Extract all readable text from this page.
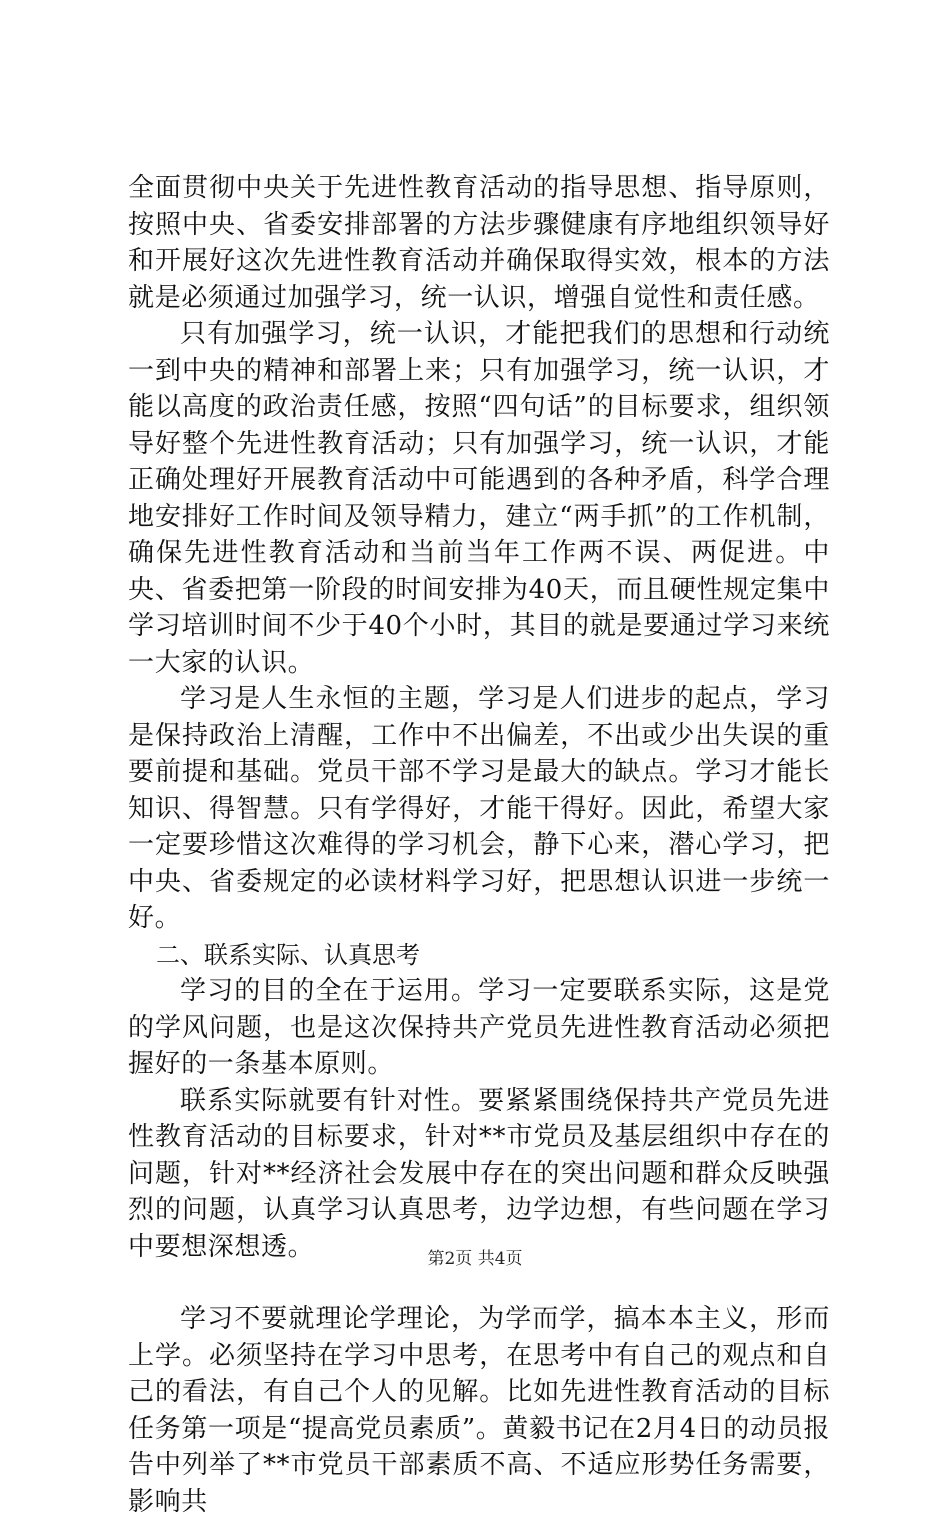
全面贯彻中央关于先进性教育活动的指导思想、指导原则，按照中央、省委安排部署的方法步骤健康有序地组织领导好和开展好这次先进性教育活动并确保取得实效，根本的方法就是必须通过加强学习，统一认识，增强自觉性和责任感。

只有加强学习，统一认识，才能把我们的思想和行动统一到中央的精神和部署上来；只有加强学习，统一认识，才能以高度的政治责任感，按照“四句话”的目标要求，组织领导好整个先进性教育活动；只有加强学习，统一认识，才能正确处理好开展教育活动中可能遇到的各种矛盾，科学合理地安排好工作时间及领导精力，建立“两手抓”的工作机制，确保先进性教育活动和当前当年工作两不误、两促进。中央、省委把第一阶段的时间安排为40天，而且硬性规定集中学习培训时间不少于40个小时，其目的就是要通过学习来统一大家的认识。

学习是人生永恒的主题，学习是人们进步的起点，学习是保持政治上清醒，工作中不出偏差，不出或少出失误的重要前提和基础。党员干部不学习是最大的缺点。学习才能长知识、得智慧。只有学得好，才能干得好。因此，希望大家一定要珍惜这次难得的学习机会，静下心来，潜心学习，把中央、省委规定的必读材料学习好，把思想认识进一步统一好。

二、联系实际、认真思考

学习的目的全在于运用。学习一定要联系实际，这是党的学风问题，也是这次保持共产党员先进性教育活动必须把握好的一条基本原则。

联系实际就要有针对性。要紧紧围绕保持共产党员先进性教育活动的目标要求，针对**市党员及基层组织中存在的问题，针对**经济社会发展中存在的突出问题和群众反映强烈的问题，认真学习认真思考，边学边想，有些问题在学习中要想深想透。

学习不要就理论学理论，为学而学，搞本本主义，形而上学。必须坚持在学习中思考，在思考中有自己的观点和自己的看法，有自己个人的见解。比如先进性教育活动的目标任务第一项是“提高党员素质”。黄毅书记在2月4日的动员报告中列举了**市党员干部素质不高、不适应形势任务需要，影响共

第2页 共4页
